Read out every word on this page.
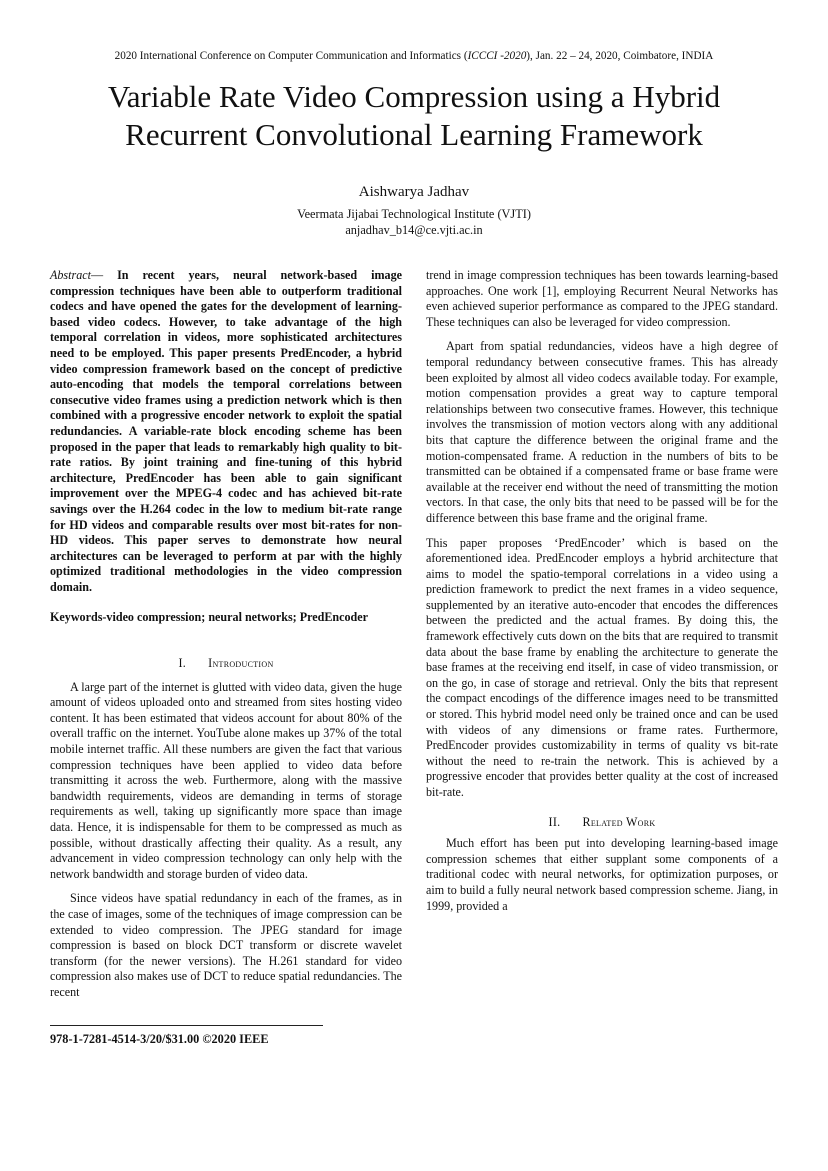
2020 International Conference on Computer Communication and Informatics (ICCCI -2020), Jan. 22 – 24, 2020, Coimbatore, INDIA
Variable Rate Video Compression using a Hybrid
Recurrent Convolutional Learning Framework
Aishwarya Jadhav
Veermata Jijabai Technological Institute (VJTI)
anjadhav_b14@ce.vjti.ac.in

Abstract— In recent years, neural network-based image compression techniques have been able to outperform traditional codecs and have opened the gates for the development of learning-based video codecs. However, to take advantage of the high temporal correlation in videos, more sophisticated architectures need to be employed. This paper presents PredEncoder, a hybrid video compression framework based on the concept of predictive auto-encoding that models the temporal correlations between consecutive video frames using a prediction network which is then combined with a progressive encoder network to exploit the spatial redundancies. A variable-rate block encoding scheme has been proposed in the paper that leads to remarkably high quality to bit-rate ratios. By joint training and fine-tuning of this hybrid architecture, PredEncoder has been able to gain significant improvement over the MPEG-4 codec and has achieved bit-rate savings over the H.264 codec in the low to medium bit-rate range for HD videos and comparable results over most bit-rates for non-HD videos. This paper serves to demonstrate how neural architectures can be leveraged to perform at par with the highly optimized traditional methodologies in the video compression domain.

Keywords-video compression; neural networks; PredEncoder

I. Introduction

A large part of the internet is glutted with video data, given the huge amount of videos uploaded onto and streamed from sites hosting video content. It has been estimated that videos account for about 80% of the overall traffic on the internet. YouTube alone makes up 37% of the total mobile internet traffic. All these numbers are given the fact that various compression techniques have been applied to video data before transmitting it across the web. Furthermore, along with the massive bandwidth requirements, videos are demanding in terms of storage requirements as well, taking up significantly more space than image data. Hence, it is indispensable for them to be compressed as much as possible, without drastically affecting their quality. As a result, any advancement in video compression technology can only help with the network bandwidth and storage burden of video data.

Since videos have spatial redundancy in each of the frames, as in the case of images, some of the techniques of image compression can be extended to video compression. The JPEG standard for image compression is based on block DCT transform or discrete wavelet transform (for the newer versions). The H.261 standard for video compression also makes use of DCT to reduce spatial redundancies. The recent

trend in image compression techniques has been towards learning-based approaches. One work [1], employing Recurrent Neural Networks has even achieved superior performance as compared to the JPEG standard. These techniques can also be leveraged for video compression.

Apart from spatial redundancies, videos have a high degree of temporal redundancy between consecutive frames. This has already been exploited by almost all video codecs available today. For example, motion compensation provides a great way to capture temporal relationships between two consecutive frames. However, this technique involves the transmission of motion vectors along with any additional bits that capture the difference between the original frame and the motion-compensated frame. A reduction in the numbers of bits to be transmitted can be obtained if a compensated frame or base frame were available at the receiver end without the need of transmitting the motion vectors. In that case, the only bits that need to be passed will be for the difference between this base frame and the original frame.

This paper proposes ‘PredEncoder’ which is based on the aforementioned idea. PredEncoder employs a hybrid architecture that aims to model the spatio-temporal correlations in a video using a prediction framework to predict the next frames in a video sequence, supplemented by an iterative auto-encoder that encodes the differences between the predicted and the actual frames. By doing this, the framework effectively cuts down on the bits that are required to transmit data about the base frame by enabling the architecture to generate the base frames at the receiving end itself, in case of video transmission, or on the go, in case of storage and retrieval. Only the bits that represent the compact encodings of the difference images need to be transmitted or stored. This hybrid model need only be trained once and can be used with videos of any dimensions or frame rates. Furthermore, PredEncoder provides customizability in terms of quality vs bit-rate without the need to re-train the network. This is achieved by a progressive encoder that provides better quality at the cost of increased bit-rate.

II. Related Work

Much effort has been put into developing learning-based image compression schemes that either supplant some components of a traditional codec with neural networks, for optimization purposes, or aim to build a fully neural network based compression scheme. Jiang, in 1999, provided a

978-1-7281-4514-3/20/$31.00 ©2020 IEEE
